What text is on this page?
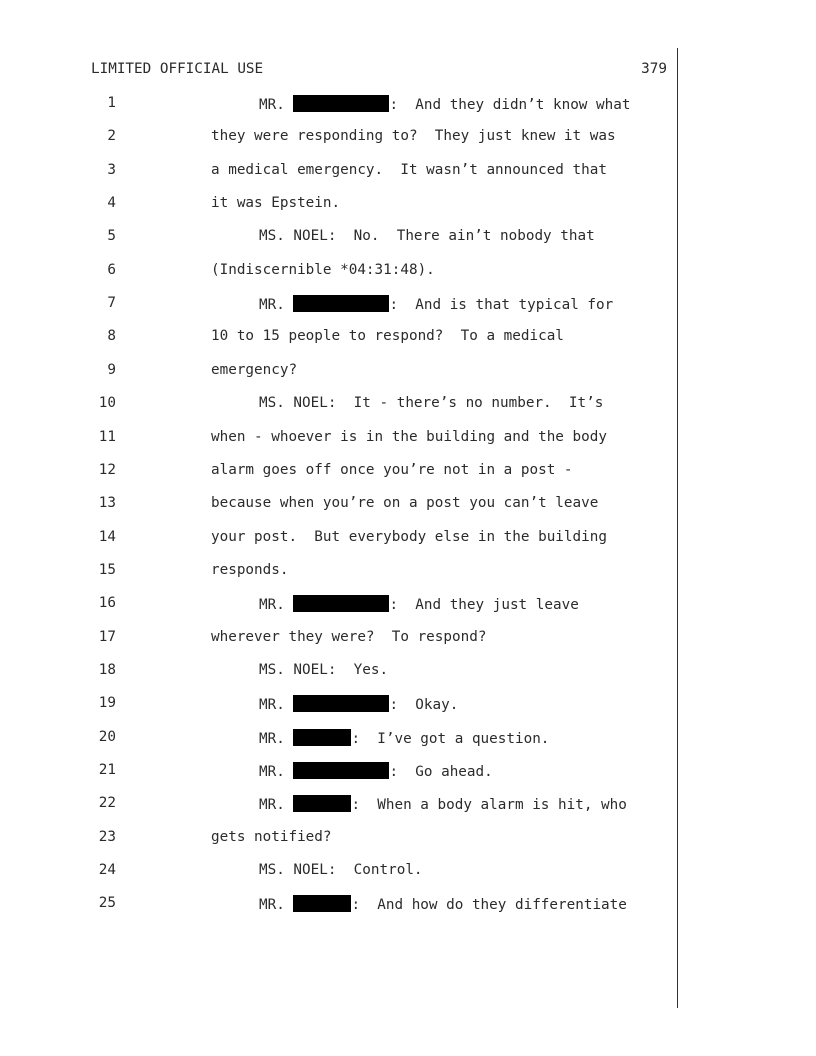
LIMITED OFFICIAL USE	379
1	MR.	:  And they didn’t know what
2	they were responding to?  They just knew it was
3	a medical emergency.  It wasn’t announced that
4	it was Epstein.
5	MS. NOEL:  No.  There ain’t nobody that
6	(Indiscernible *04:31:48).
7	MR.	:  And is that typical for
8	10 to 15 people to respond?  To a medical
9	emergency?
10	MS. NOEL:  It - there’s no number.  It’s
11	when - whoever is in the building and the body
12	alarm goes off once you’re not in a post -
13	because when you’re on a post you can’t leave
14	your post.  But everybody else in the building
15	responds.
16	MR.	:  And they just leave
17	wherever they were?  To respond?
18	MS. NOEL:  Yes.
19	MR.	:  Okay.
20	MR.	:  I’ve got a question.
21	MR.	:  Go ahead.
22	MR.	:  When a body alarm is hit, who
23	gets notified?
24	MS. NOEL:  Control.
25	MR.	:  And how do they differentiate
